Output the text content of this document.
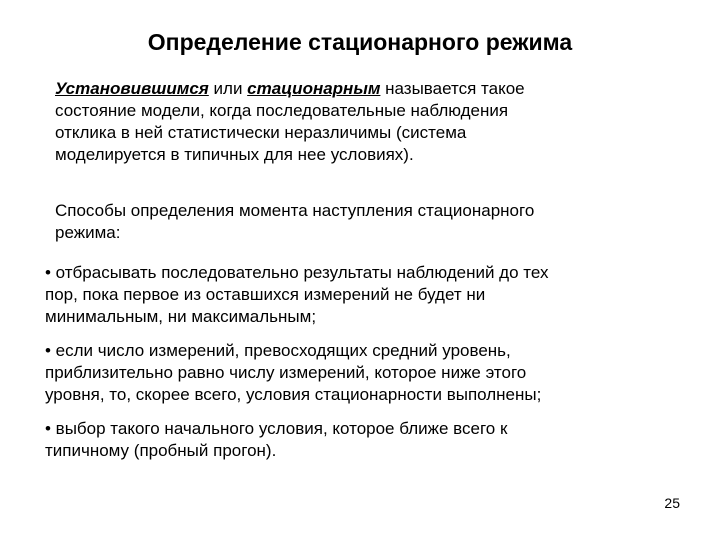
Определение стационарного режима
Установившимся или стационарным называется такое
состояние модели, когда последовательные наблюдения
отклика в ней статистически неразличимы (система
моделируется в типичных для нее условиях).
Способы определения момента наступления стационарного
режима:
• отбрасывать последовательно результаты наблюдений до тех
пор, пока первое из оставшихся измерений не будет ни
минимальным, ни максимальным;
• если число измерений, превосходящих средний уровень,
приблизительно равно числу измерений, которое ниже этого
уровня, то, скорее всего, условия стационарности выполнены;
• выбор такого начального условия, которое ближе всего к
типичному (пробный прогон).
25
